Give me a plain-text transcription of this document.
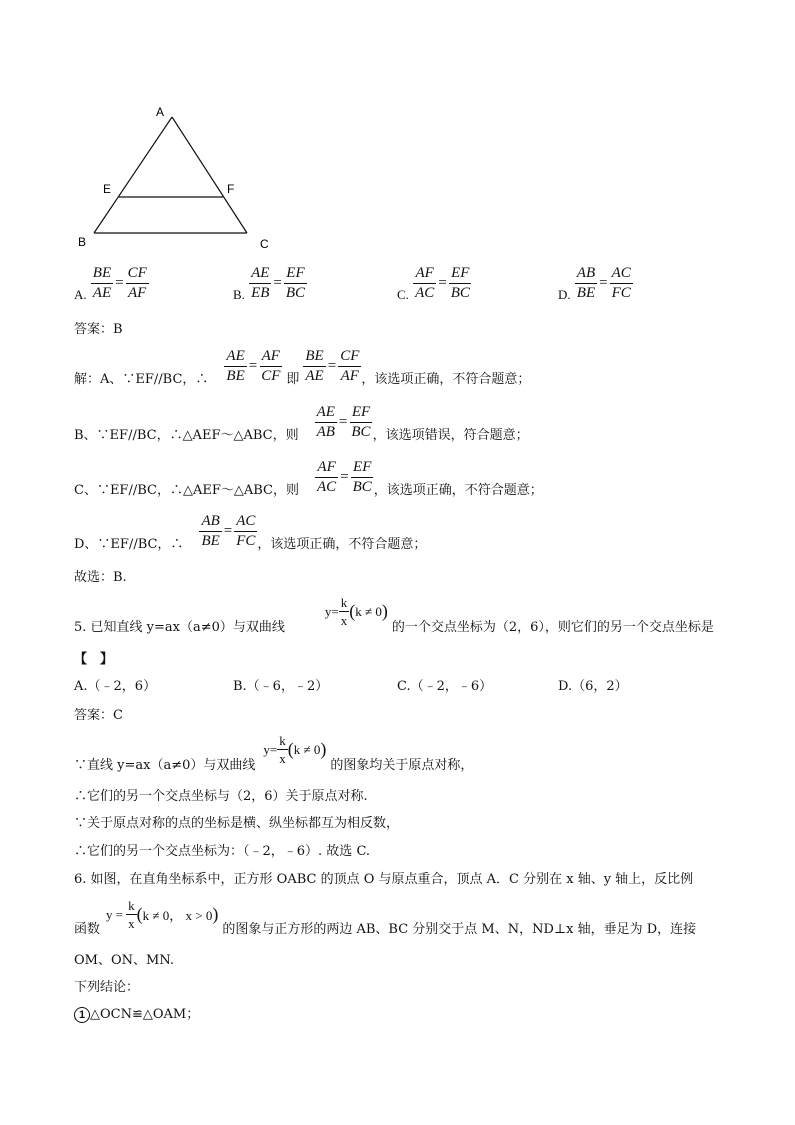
A
E	F
B	C
A. $\frac{BE}{AE} = \frac{CF}{AF}$	B. $\frac{AE}{EB} = \frac{EF}{BC}$	C. $\frac{AF}{AC} = \frac{EF}{BC}$	D. $\frac{AB}{BE} = \frac{AC}{FC}$
答案：B
解：A、∵EF//BC，∴ $\frac{AE}{BE} = \frac{AF}{CF}$ 即 $\frac{BE}{AE} = \frac{CF}{AF}$ ，该选项正确，不符合题意；
B、∵EF//BC，∴△AEF～△ABC，则 $\frac{AE}{AB} = \frac{EF}{BC}$ ，该选项错误，符合题意；
C、∵EF//BC，∴△AEF～△ABC，则 $\frac{AF}{AC} = \frac{EF}{BC}$ ，该选项正确，不符合题意；
D、∵EF//BC，∴ $\frac{AB}{BE} = \frac{AC}{FC}$ ，该选项正确，不符合题意；
故选：B.
5. 已知直线 y=ax（a≠0）与双曲线
$y= \frac{k}{x}$ ( k ≠ 0 )
的一个交点坐标为（2，6），则它们的另一个交点坐标是
【　】
A.（﹣2，6）	B.（﹣6，﹣2）	C.（﹣2，﹣6）	D.（6，2）
答案：C
∵直线 y=ax（a≠0）与双曲线
$y= \frac{k}{x}$ ( k ≠ 0 )
的图象均关于原点对称，
∴它们的另一个交点坐标与（2，6）关于原点对称.
∵关于原点对称的点的坐标是横、纵坐标都互为相反数，
∴它们的另一个交点坐标为：（﹣2，﹣6）. 故选 C.
6. 如图，在直角坐标系中，正方形 OABC 的顶点 O 与原点重合，顶点 A．C 分别在 x 轴、y 轴上，反比例
函数
$y = \frac{k}{x}$ ( k ≠ 0， x > 0 )
的图象与正方形的两边 AB、BC 分别交于点 M、N，ND⊥x 轴，垂足为 D，连接
OM、ON、MN.
下列结论：
1 △OCN≌△OAM；
